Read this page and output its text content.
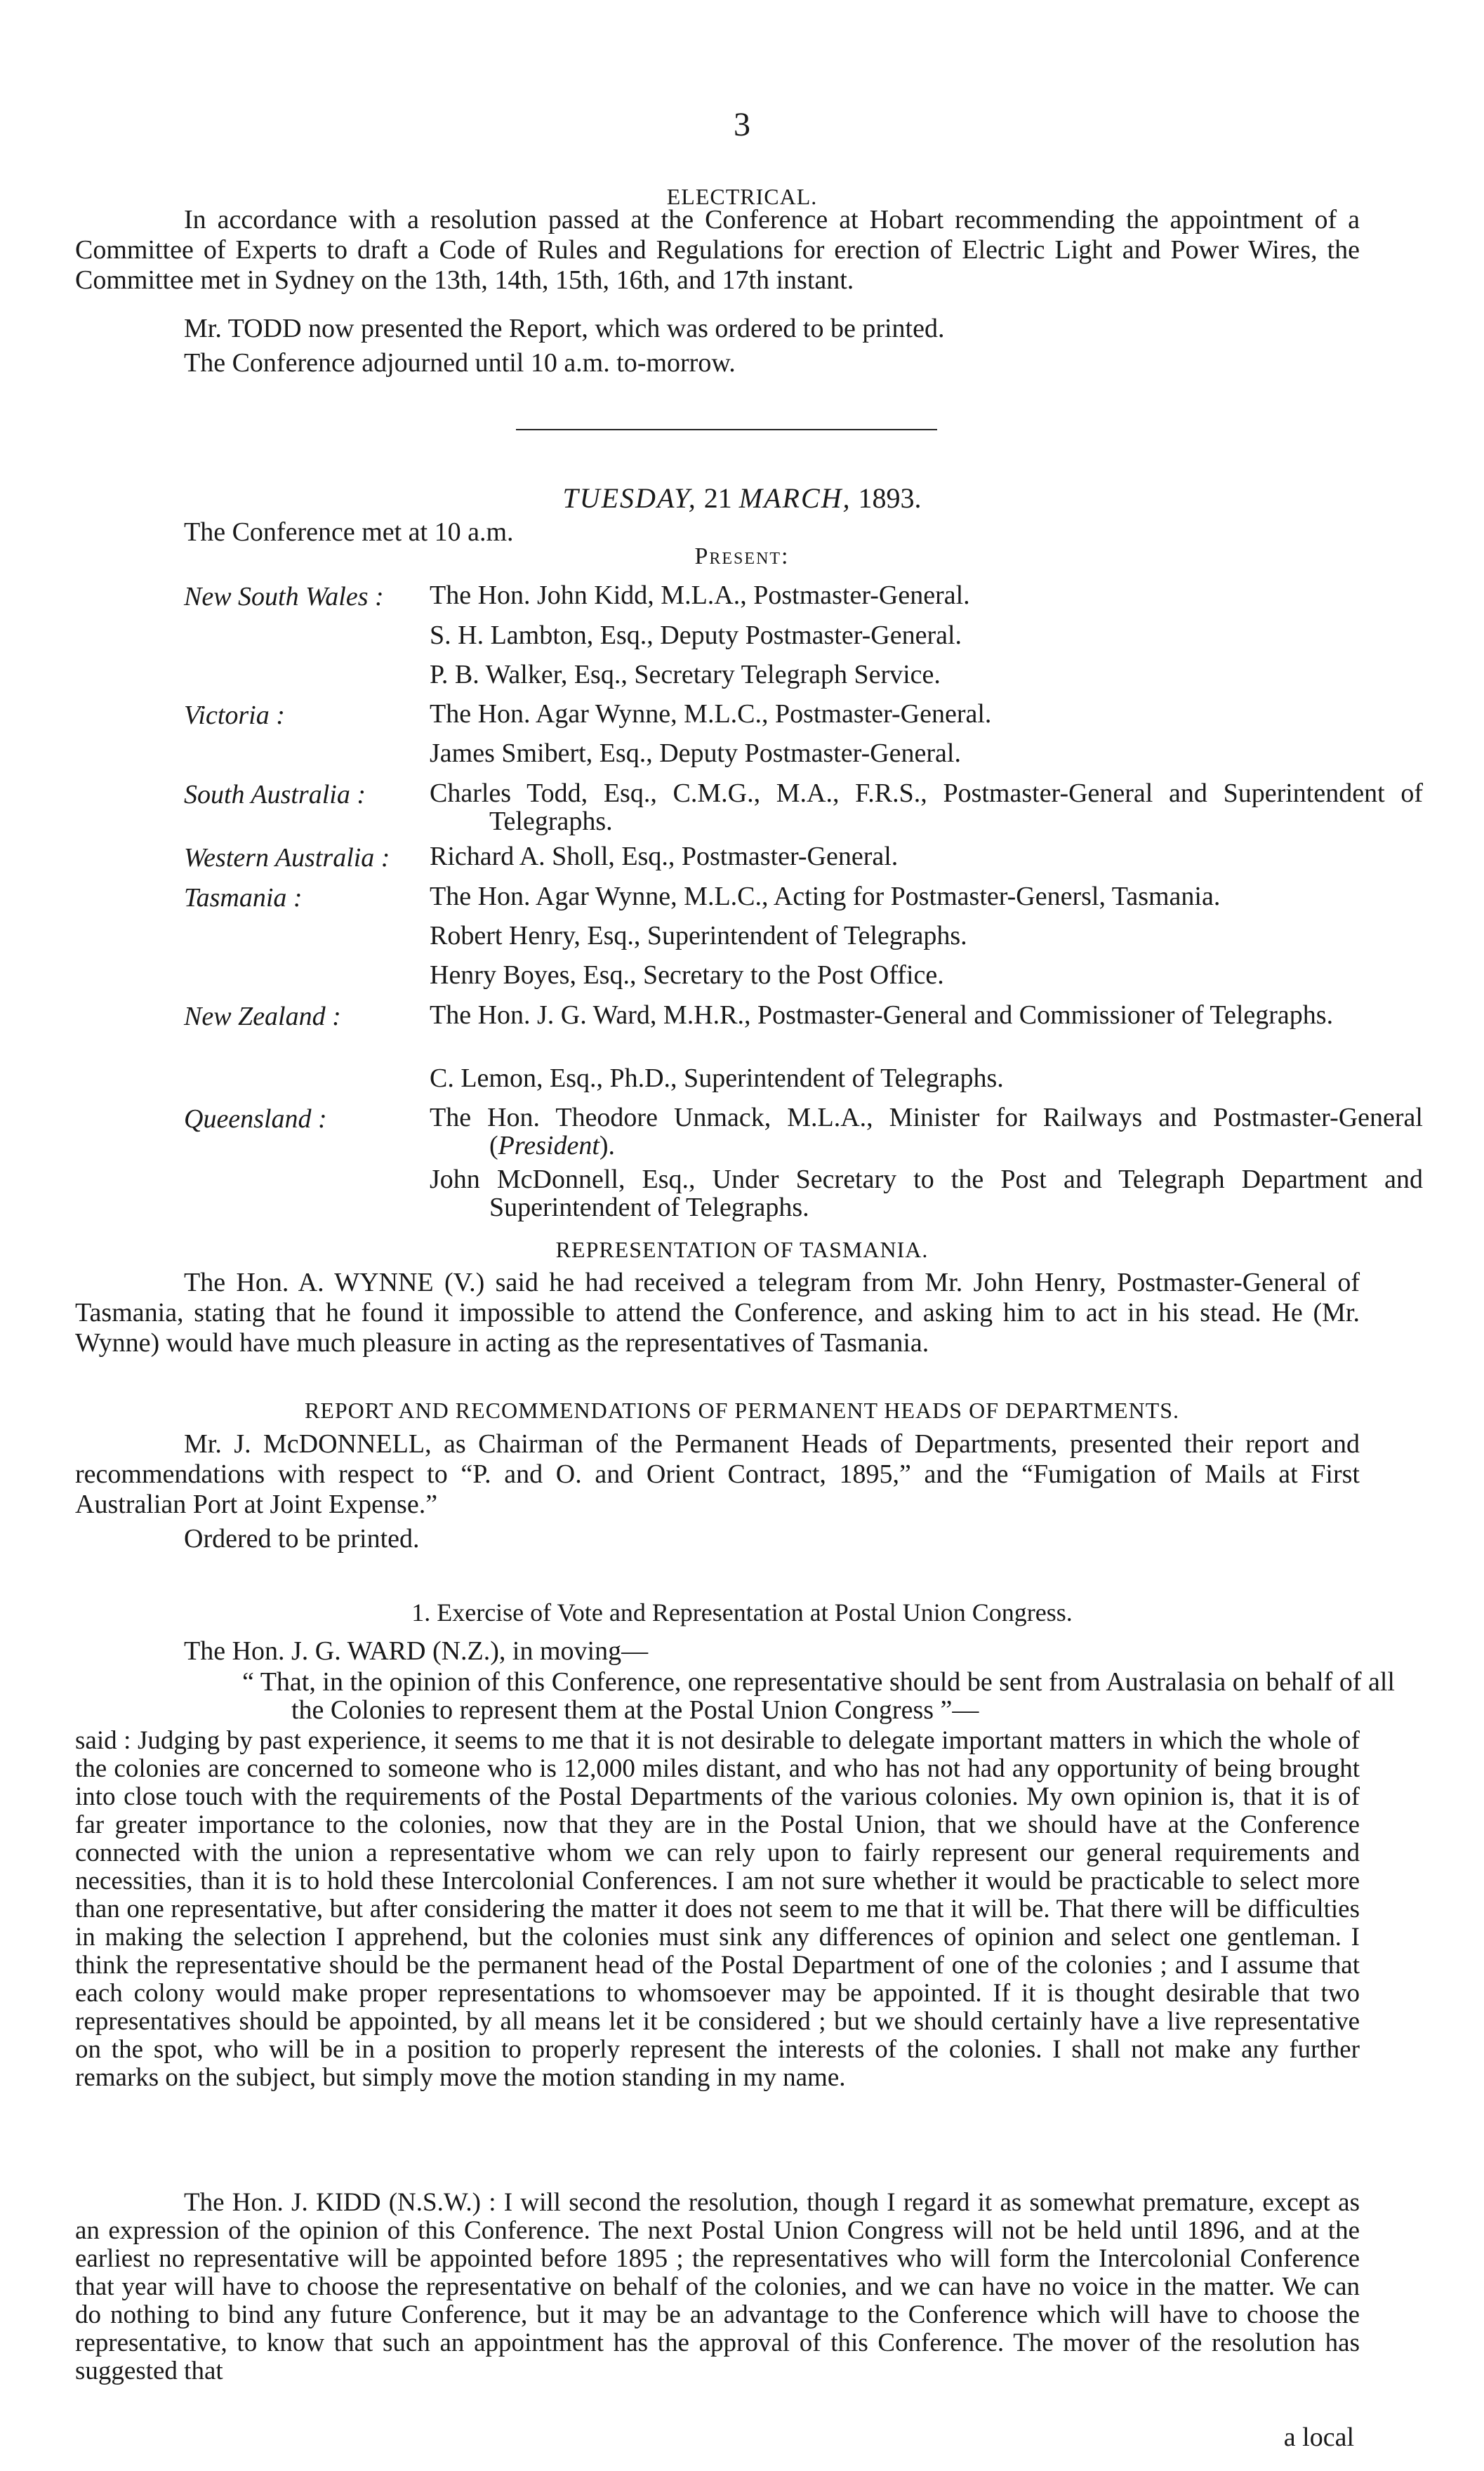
3
ELECTRICAL.
In accordance with a resolution passed at the Conference at Hobart recommending the appointment of a Committee of Experts to draft a Code of Rules and Regulations for erection of Electric Light and Power Wires, the Committee met in Sydney on the 13th, 14th, 15th, 16th, and 17th instant.
Mr. TODD now presented the Report, which was ordered to be printed.
The Conference adjourned until 10 a.m. to-morrow.
TUESDAY, 21 MARCH, 1893.
The Conference met at 10 a.m.
Present:
New South Wales : The Hon. John Kidd, M.L.A., Postmaster-General.
S. H. Lambton, Esq., Deputy Postmaster-General.
P. B. Walker, Esq., Secretary Telegraph Service.
Victoria :	The Hon. Agar Wynne, M.L.C., Postmaster-General.
James Smibert, Esq., Deputy Postmaster-General.
South Australia : Charles Todd, Esq., C.M.G., M.A., F.R.S., Postmaster-General and Superintendent of Telegraphs.
Western Australia : Richard A. Sholl, Esq., Postmaster-General.
Tasmania :	The Hon. Agar Wynne, M.L.C., Acting for Postmaster-Genersl, Tasmania.
Robert Henry, Esq., Superintendent of Telegraphs.
Henry Boyes, Esq., Secretary to the Post Office.
New Zealand :	The Hon. J. G. Ward, M.H.R., Postmaster-General and Commissioner of Telegraphs.
C. Lemon, Esq., Ph.D., Superintendent of Telegraphs.
Queensland :	The Hon. Theodore Unmack, M.L.A., Minister for Railways and Postmaster-General (President).
John McDonnell, Esq., Under Secretary to the Post and Telegraph Department and Superintendent of Telegraphs.
REPRESENTATION OF TASMANIA.
The Hon. A. WYNNE (V.) said he had received a telegram from Mr. John Henry, Postmaster-General of Tasmania, stating that he found it impossible to attend the Conference, and asking him to act in his stead. He (Mr. Wynne) would have much pleasure in acting as the representatives of Tasmania.
REPORT AND RECOMMENDATIONS OF PERMANENT HEADS OF DEPARTMENTS.
Mr. J. McDONNELL, as Chairman of the Permanent Heads of Departments, presented their report and recommendations with respect to “P. and O. and Orient Contract, 1895,” and the “Fumigation of Mails at First Australian Port at Joint Expense.”
Ordered to be printed.
1. Exercise of Vote and Representation at Postal Union Congress.
The Hon. J. G. WARD (N.Z.), in moving—
“ That, in the opinion of this Conference, one representative should be sent from Australasia on behalf of all the Colonies to represent them at the Postal Union Congress ”—
said : Judging by past experience, it seems to me that it is not desirable to delegate important matters in which the whole of the colonies are concerned to someone who is 12,000 miles distant, and who has not had any opportunity of being brought into close touch with the requirements of the Postal Departments of the various colonies. My own opinion is, that it is of far greater importance to the colonies, now that they are in the Postal Union, that we should have at the Conference connected with the union a representative whom we can rely upon to fairly represent our general requirements and necessities, than it is to hold these Intercolonial Conferences. I am not sure whether it would be practicable to select more than one representative, but after considering the matter it does not seem to me that it will be. That there will be difficulties in making the selection I apprehend, but the colonies must sink any differences of opinion and select one gentleman. I think the representative should be the permanent head of the Postal Department of one of the colonies ; and I assume that each colony would make proper representations to whomsoever may be appointed. If it is thought desirable that two representatives should be appointed, by all means let it be considered ; but we should certainly have a live representative on the spot, who will be in a position to properly represent the interests of the colonies. I shall not make any further remarks on the subject, but simply move the motion standing in my name.
The Hon. J. KIDD (N.S.W.) : I will second the resolution, though I regard it as somewhat premature, except as an expression of the opinion of this Conference. The next Postal Union Congress will not be held until 1896, and at the earliest no representative will be appointed before 1895 ; the representatives who will form the Intercolonial Conference that year will have to choose the representative on behalf of the colonies, and we can have no voice in the matter. We can do nothing to bind any future Conference, but it may be an advantage to the Conference which will have to choose the representative, to know that such an appointment has the approval of this Conference. The mover of the resolution has suggested that
a local
